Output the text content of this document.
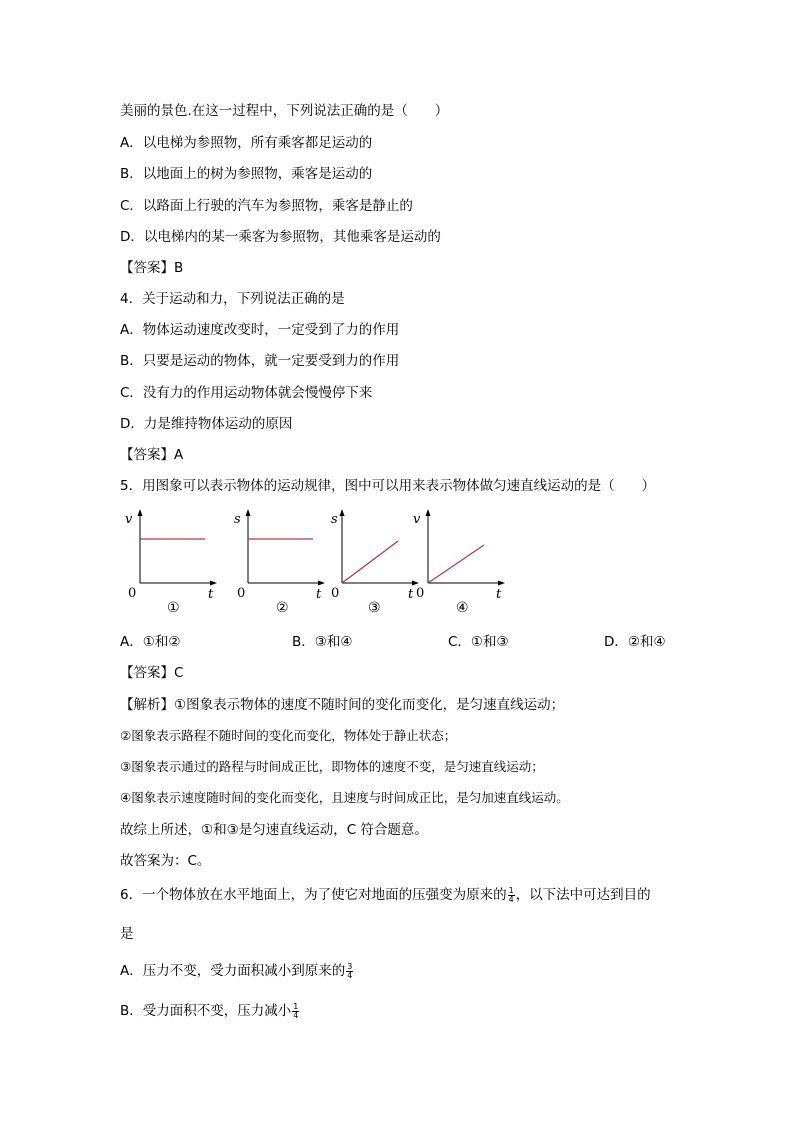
美丽的景色.在这一过程中，下列说法正确的是（　　）
A．以电梯为参照物，所有乘客都足运动的
B．以地面上的树为参照物，乘客是运动的
C．以路面上行驶的汽车为参照物，乘客是静止的
D．以电梯内的某一乘客为参照物，其他乘客是运动的
【答案】B
4．关于运动和力，下列说法正确的是
A．物体运动速度改变时，一定受到了力的作用
B．只要是运动的物体，就一定要受到力的作用
C．没有力的作用运动物体就会慢慢停下来
D．力是维持物体运动的原因
【答案】A
5．用图象可以表示物体的运动规律，图中可以用来表示物体做匀速直线运动的是（　　）
v
t
0
①
s
t
0
②
s
t
0
③
v
t
0
④
A．①和②	B．③和④	C．①和③	D．②和④
【答案】C
【解析】①图象表示物体的速度不随时间的变化而变化，是匀速直线运动；
②图象表示路程不随时间的变化而变化，物体处于静止状态；
③图象表示通过的路程与时间成正比，即物体的速度不变，是匀速直线运动；
④图象表示速度随时间的变化而变化，且速度与时间成正比，是匀加速直线运动。
故综上所述，①和③是匀速直线运动，C 符合题意。
故答案为：C。
6．一个物体放在水平地面上，为了使它对地面的压强变为原来的 $\frac{1}{4}$ ，以下法中可达到目的
是
A．压力不变，受力面积减小到原来的 $\frac{3}{4}$
B．受力面积不变，压力减小 $\frac{1}{4}$
